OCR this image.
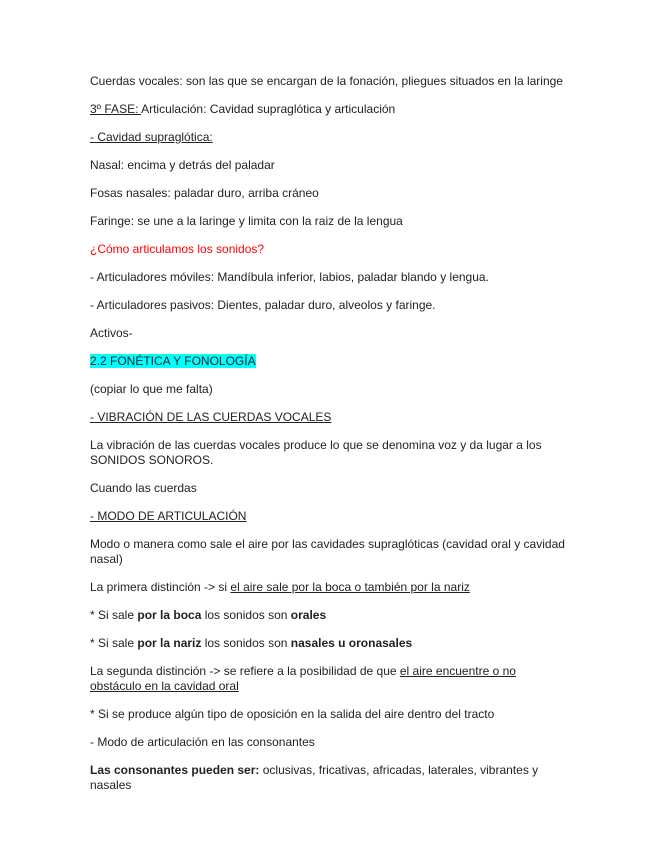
Cuerdas vocales: son las que se encargan de la fonación, pliegues situados en la laringe

3º FASE: Articulación: Cavidad supraglótica y articulación

- Cavidad supraglótica:

Nasal: encima y detrás del paladar

Fosas nasales: paladar duro, arriba cráneo

Faringe: se une a la laringe y limita con la raiz de la lengua

¿Cómo articulamos los sonidos?

- Articuladores móviles: Mandíbula inferior, labios, paladar blando y lengua.

- Articuladores pasivos: Dientes, paladar duro, alveolos y faringe.

Activos-

2.2 FONÉTICA Y FONOLOGÍA

(copiar lo que me falta)

- VIBRACIÓN DE LAS CUERDAS VOCALES

La vibración de las cuerdas vocales produce lo que se denomina voz y da lugar a los SONIDOS SONOROS.

Cuando las cuerdas

- MODO DE ARTICULACIÓN

Modo o manera como sale el aire por las cavidades supraglóticas (cavidad oral y cavidad nasal)

La primera distinción -> si el aire sale por la boca o también por la nariz

* Si sale por la boca los sonidos son orales

* Si sale por la nariz los sonidos son nasales u oronasales

La segunda distinción -> se refiere a la posibilidad de que el aire encuentre o no obstáculo en la cavidad oral

* Si se produce algún tipo de oposición en la salida del aire dentro del tracto

- Modo de articulación en las consonantes

Las consonantes pueden ser: oclusivas, fricativas, africadas, laterales, vibrantes y nasales
